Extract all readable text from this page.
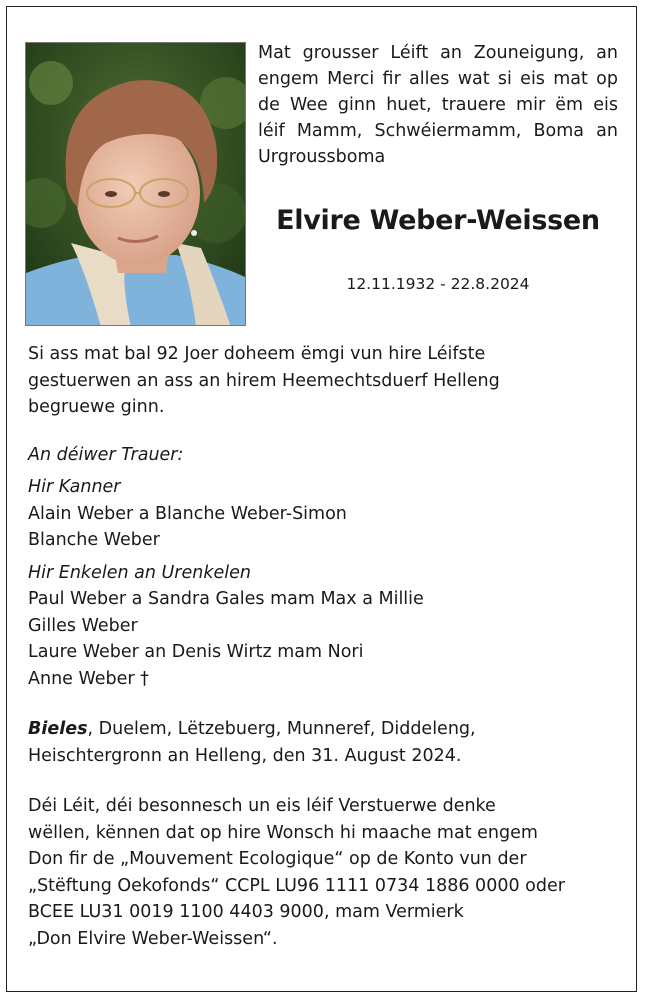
Mat grousser Léift an Zouneigung, an engem Merci fir alles wat si eis mat op de Wee ginn huet, trauere mir ëm eis léif Mamm, Schwéiermamm, Boma an Urgroussboma

Elvire Weber-Weissen

12.11.1932 - 22.8.2024

Si ass mat bal 92 Joer doheem ëmgi vun hire Léifste

gestuerwen an ass an hirem Heemechtsduerf Helleng

begruewe ginn.

An déiwer Trauer:

Hir Kanner

Alain Weber a Blanche Weber-Simon

Blanche Weber

Hir Enkelen an Urenkelen

Paul Weber a Sandra Gales mam Max a Millie

Gilles Weber

Laure Weber an Denis Wirtz mam Nori

Anne Weber †

Bieles, Duelem, Lëtzebuerg, Munneref, Diddeleng,

Heischtergronn an Helleng, den 31. August 2024.

Déi Léit, déi besonnesch un eis léif Verstuerwe denke

wëllen, kënnen dat op hire Wonsch hi maache mat engem

Don fir de „Mouvement Ecologique“ op de Konto vun der

„Stëftung Oekofonds“ CCPL LU96 1111 0734 1886 0000 oder

BCEE LU31 0019 1100 4403 9000, mam Vermierk

„Don Elvire Weber-Weissen“.
